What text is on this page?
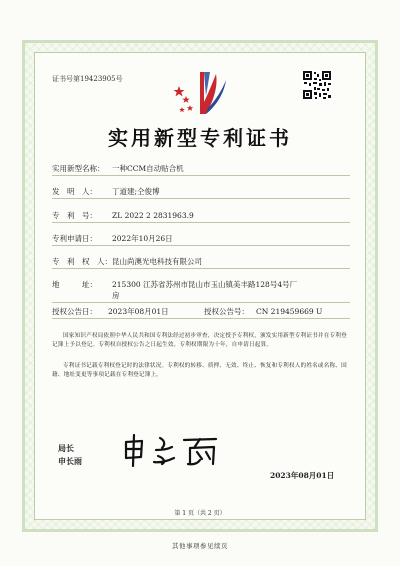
证书号第19423905号
实用新型专利证书
实用新型名称： 一种CCM自动贴合机
发　明　人： 丁道建;仝俊博
专　利　号： ZL 2022 2 2831963.9
专利申请日： 2022年10月26日
专　利　权　人：昆山尚澳光电科技有限公司
地　　　址： 215300 江苏省苏州市昆山市玉山镇美丰路128号4号厂
房
授权公告日： 2023年08月01日	授权公告号： CN 219459669 U
国家知识产权局依照中华人民共和国专利法经过初步审查，决定授予专利权，颁发实用新型专利证书并在专利登记簿上予以登记。专利权自授权公告之日起生效。专利权期限为十年，自申请日起算。
专利证书记载专利权登记时的法律状况。专利权的转移、质押、无效、终止、恢复和专利权人的姓名或名称、国籍、地址变更等事项记载在专利登记簿上。
局长
申长雨
2023年08月01日
第 1 页（共 2 页）
其他事项参见续页
